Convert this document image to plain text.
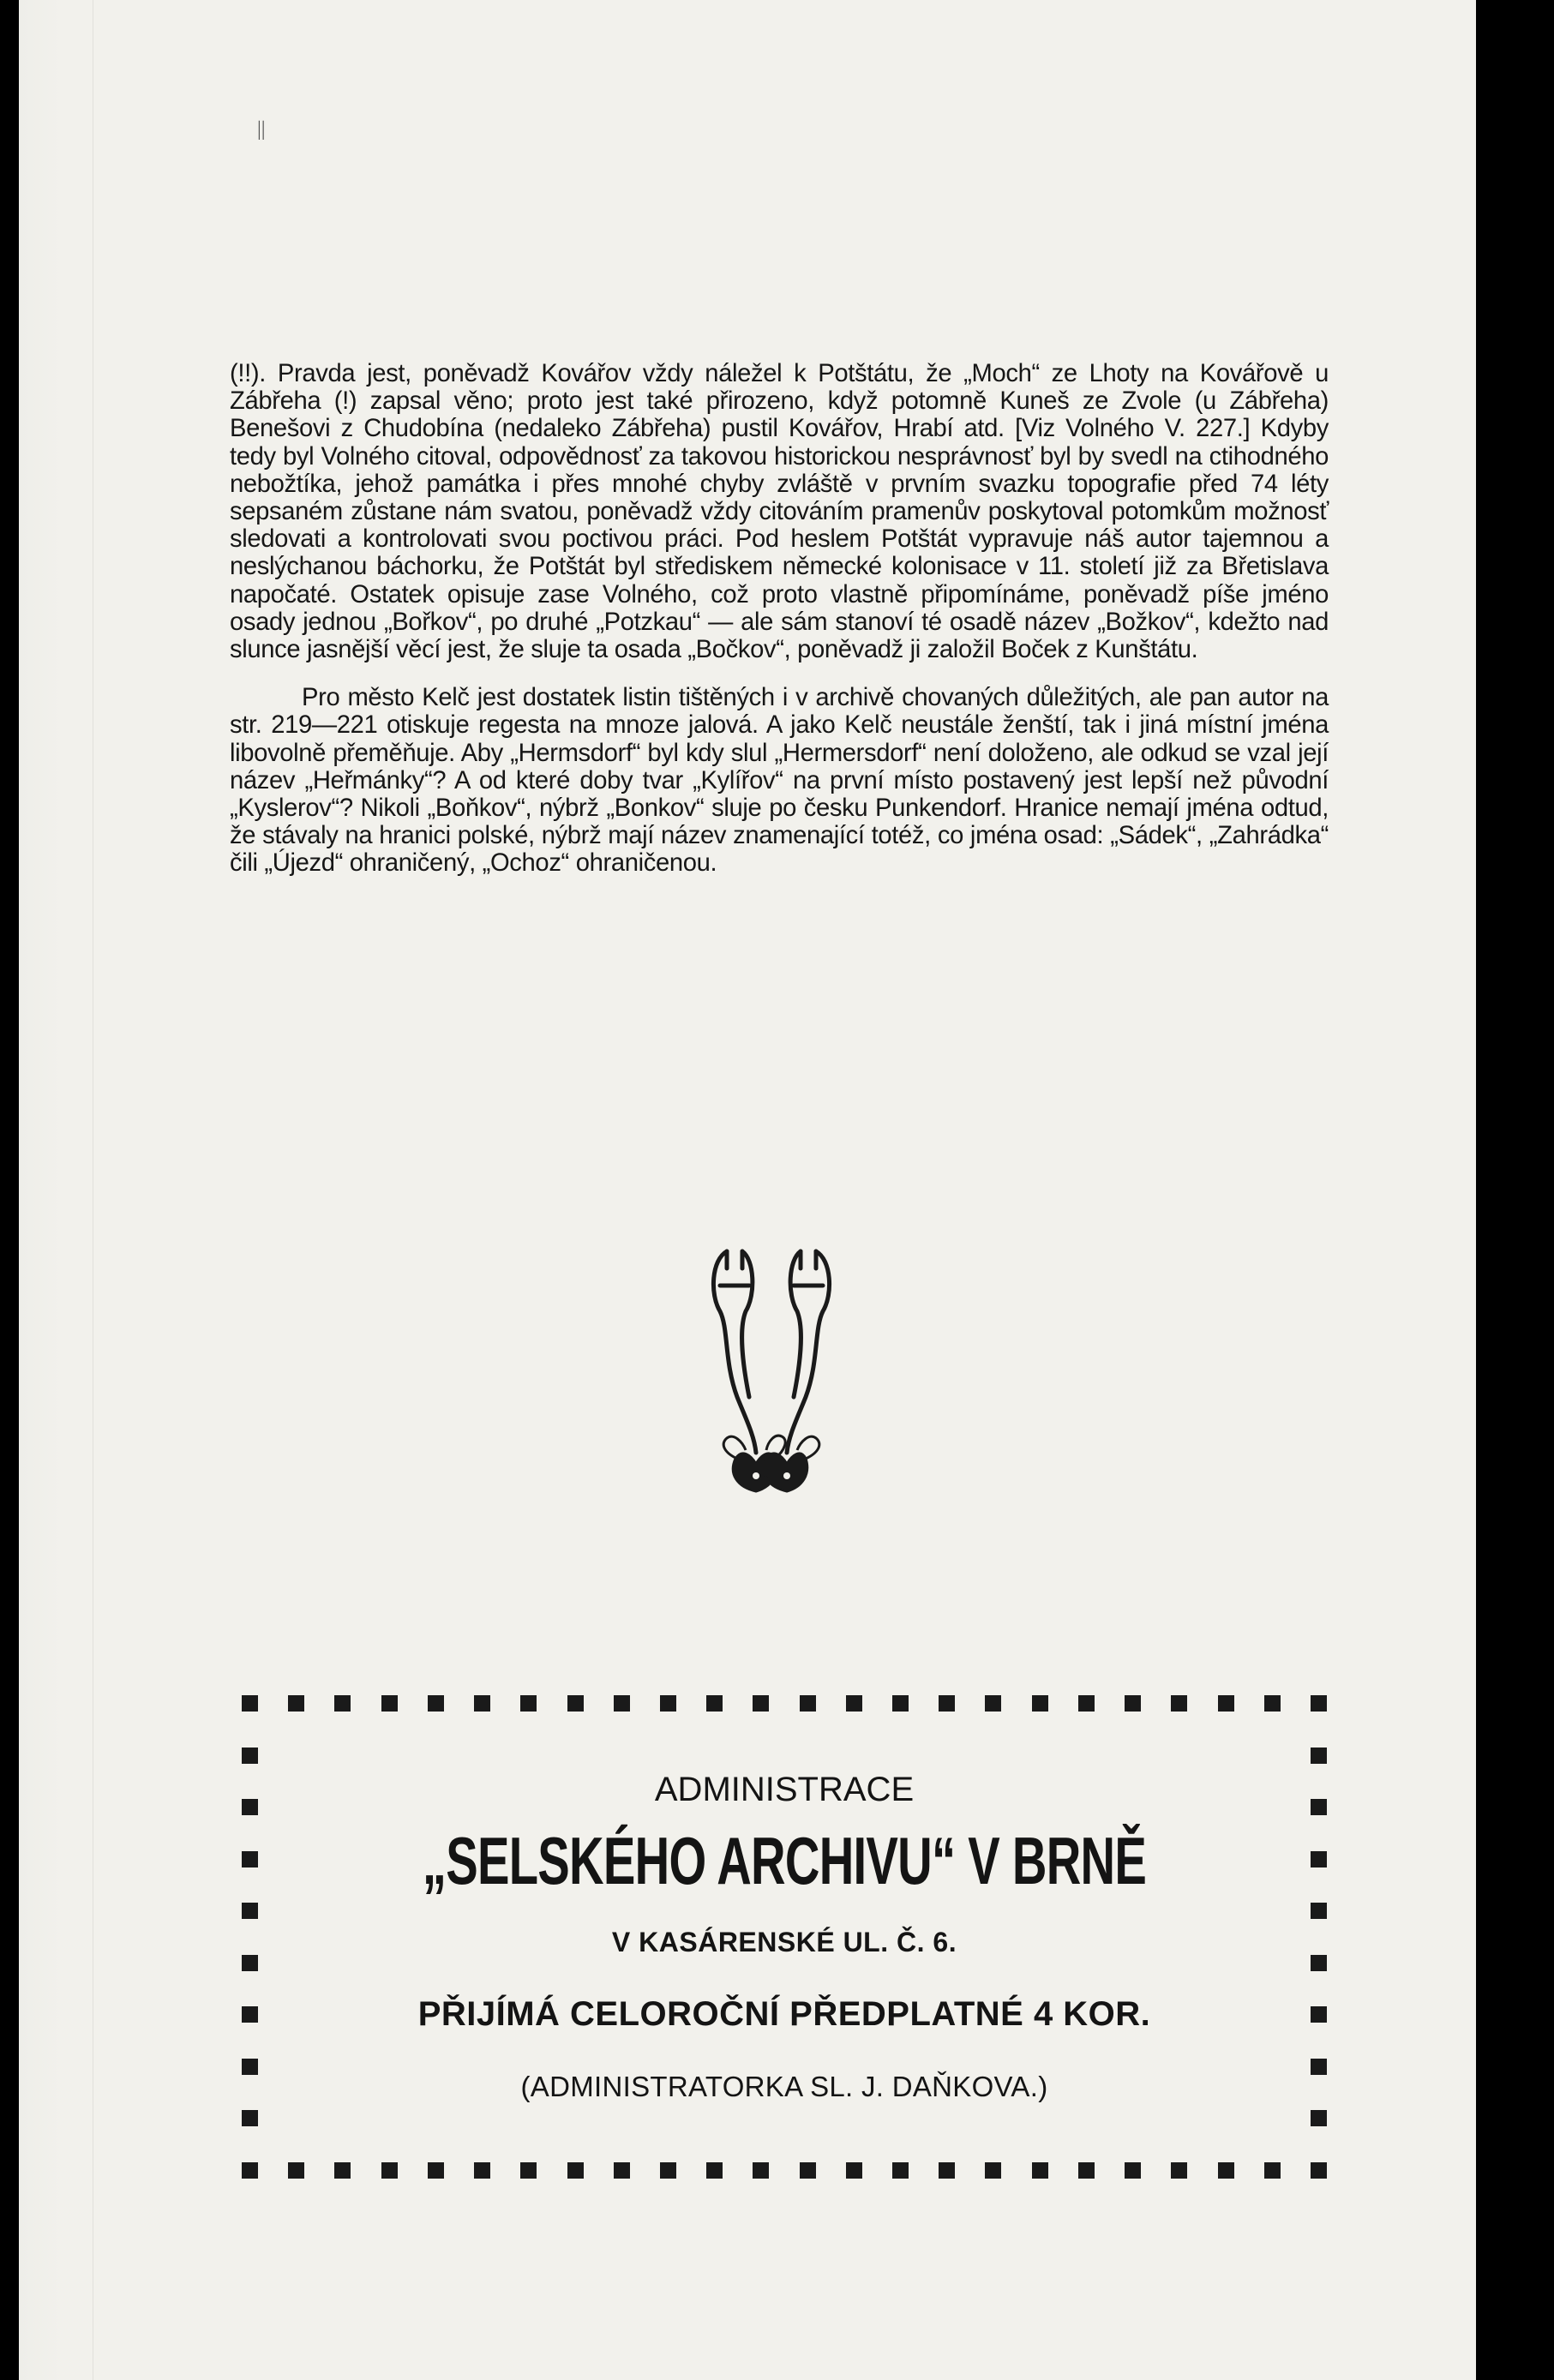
||

(!!). Pravda jest, poněvadž Kovářov vždy náležel k Potštátu, že „Moch“ ze Lhoty na Kovářově u Zábřeha (!) zapsal věno; proto jest také přirozeno, když potomně Kuneš ze Zvole (u Zábřeha) Benešovi z Chudobína (nedaleko Zábřeha) pustil Kovářov, Hrabí atd. [Viz Volného V. 227.] Kdyby tedy byl Volného citoval, odpovědnosť za takovou historickou nesprávnosť byl by svedl na ctihodného nebožtíka, jehož památka i přes mnohé chyby zvláště v prvním svazku topografie před 74 léty sepsaném zůstane nám svatou, poněvadž vždy citováním pramenův poskytoval potomkům možnosť sledovati a kontrolovati svou poctivou práci. Pod heslem Potštát vypravuje náš autor tajemnou a neslýchanou báchorku, že Potštát byl střediskem německé kolonisace v 11. století již za Břetislava napočaté. Ostatek opisuje zase Volného, což proto vlastně připomínáme, poněvadž píše jméno osady jednou „Bořkov“, po druhé „Potzkau“ — ale sám stanoví té osadě název „Božkov“, kdežto nad slunce jasnější věcí jest, že sluje ta osada „Bočkov“, poněvadž ji založil Boček z Kunštátu.

Pro město Kelč jest dostatek listin tištěných i v archivě chovaných důležitých, ale pan autor na str. 219—221 otiskuje regesta na mnoze jalová. A jako Kelč neustále ženští, tak i jiná místní jména libovolně přeměňuje. Aby „Hermsdorf“ byl kdy slul „Hermersdorf“ není doloženo, ale odkud se vzal její název „Heřmánky“? A od které doby tvar „Kylířov“ na první místo postavený jest lepší než původní „Kyslerov“? Nikoli „Boňkov“, nýbrž „Bonkov“ sluje po česku Punkendorf. Hranice nemají jména odtud, že stávaly na hranici polské, nýbrž mají název znamenající totéž, co jména osad: „Sádek“, „Zahrádka“ čili „Újezd“ ohraničený, „Ochoz“ ohraničenou.

ADMINISTRACE
„SELSKÉHO ARCHIVU“ V BRNĚ
V KASÁRENSKÉ UL. Č. 6.
PŘIJÍMÁ CELOROČNÍ PŘEDPLATNÉ 4 KOR.
(ADMINISTRATORKA SL. J. DAŇKOVA.)
